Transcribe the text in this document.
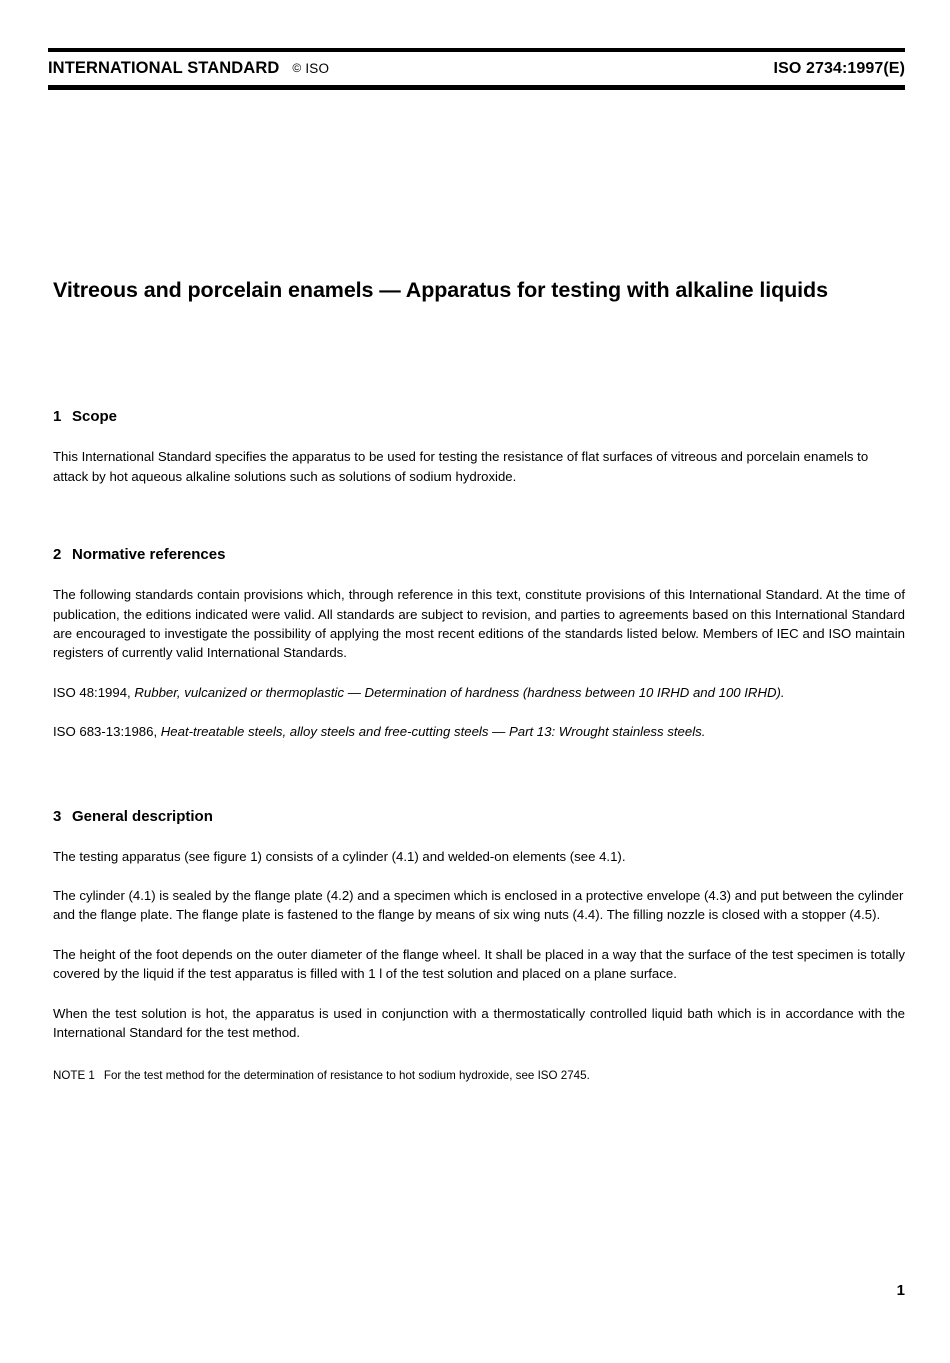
INTERNATIONAL STANDARD © ISO	ISO 2734:1997(E)
Vitreous and porcelain enamels — Apparatus for testing with alkaline liquids
1 Scope

This International Standard specifies the apparatus to be used for testing the resistance of flat surfaces of vitreous and porcelain enamels to attack by hot aqueous alkaline solutions such as solutions of sodium hydroxide.

2 Normative references

The following standards contain provisions which, through reference in this text, constitute provisions of this International Standard. At the time of publication, the editions indicated were valid. All standards are subject to revision, and parties to agreements based on this International Standard are encouraged to investigate the possibility of applying the most recent editions of the standards listed below. Members of IEC and ISO maintain registers of currently valid International Standards.

ISO 48:1994, Rubber, vulcanized or thermoplastic — Determination of hardness (hardness between 10 IRHD and 100 IRHD).

ISO 683-13:1986, Heat-treatable steels, alloy steels and free-cutting steels — Part 13: Wrought stainless steels.

3 General description

The testing apparatus (see figure 1) consists of a cylinder (4.1) and welded-on elements (see 4.1).

The cylinder (4.1) is sealed by the flange plate (4.2) and a specimen which is enclosed in a protective envelope (4.3) and put between the cylinder and the flange plate. The flange plate is fastened to the flange by means of six wing nuts (4.4). The filling nozzle is closed with a stopper (4.5).

The height of the foot depends on the outer diameter of the flange wheel. It shall be placed in a way that the surface of the test specimen is totally covered by the liquid if the test apparatus is filled with 1 l of the test solution and placed on a plane surface.

When the test solution is hot, the apparatus is used in conjunction with a thermostatically controlled liquid bath which is in accordance with the International Standard for the test method.

NOTE 1 For the test method for the determination of resistance to hot sodium hydroxide, see ISO 2745.

1
